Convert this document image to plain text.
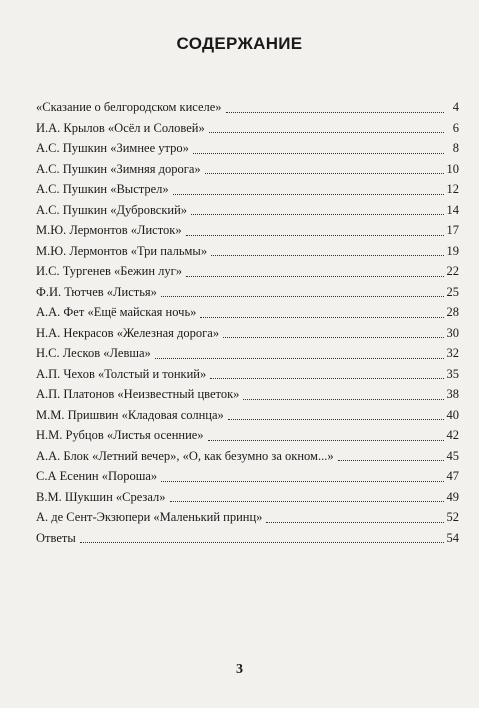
СОДЕРЖАНИЕ
«Сказание о белгородском киселе»	4
И.А. Крылов «Осёл и Соловей»	6
А.С. Пушкин «Зимнее утро»	8
А.С. Пушкин «Зимняя дорога»	10
А.С. Пушкин «Выстрел»	12
А.С. Пушкин «Дубровский»	14
М.Ю. Лермонтов «Листок»	17
М.Ю. Лермонтов «Три пальмы»	19
И.С. Тургенев «Бежин луг»	22
Ф.И. Тютчев «Листья»	25
А.А. Фет «Ещё майская ночь»	28
Н.А. Некрасов «Железная дорога»	30
Н.С. Лесков «Левша»	32
А.П. Чехов «Толстый и тонкий»	35
А.П. Платонов «Неизвестный цветок»	38
М.М. Пришвин «Кладовая солнца»	40
Н.М. Рубцов «Листья осенние»	42
А.А. Блок «Летний вечер», «О, как безумно за окном...»	45
С.А Есенин «Пороша»	47
В.М. Шукшин «Срезал»	49
А. де Сент-Экзюпери «Маленький принц»	52
Ответы	54
3
